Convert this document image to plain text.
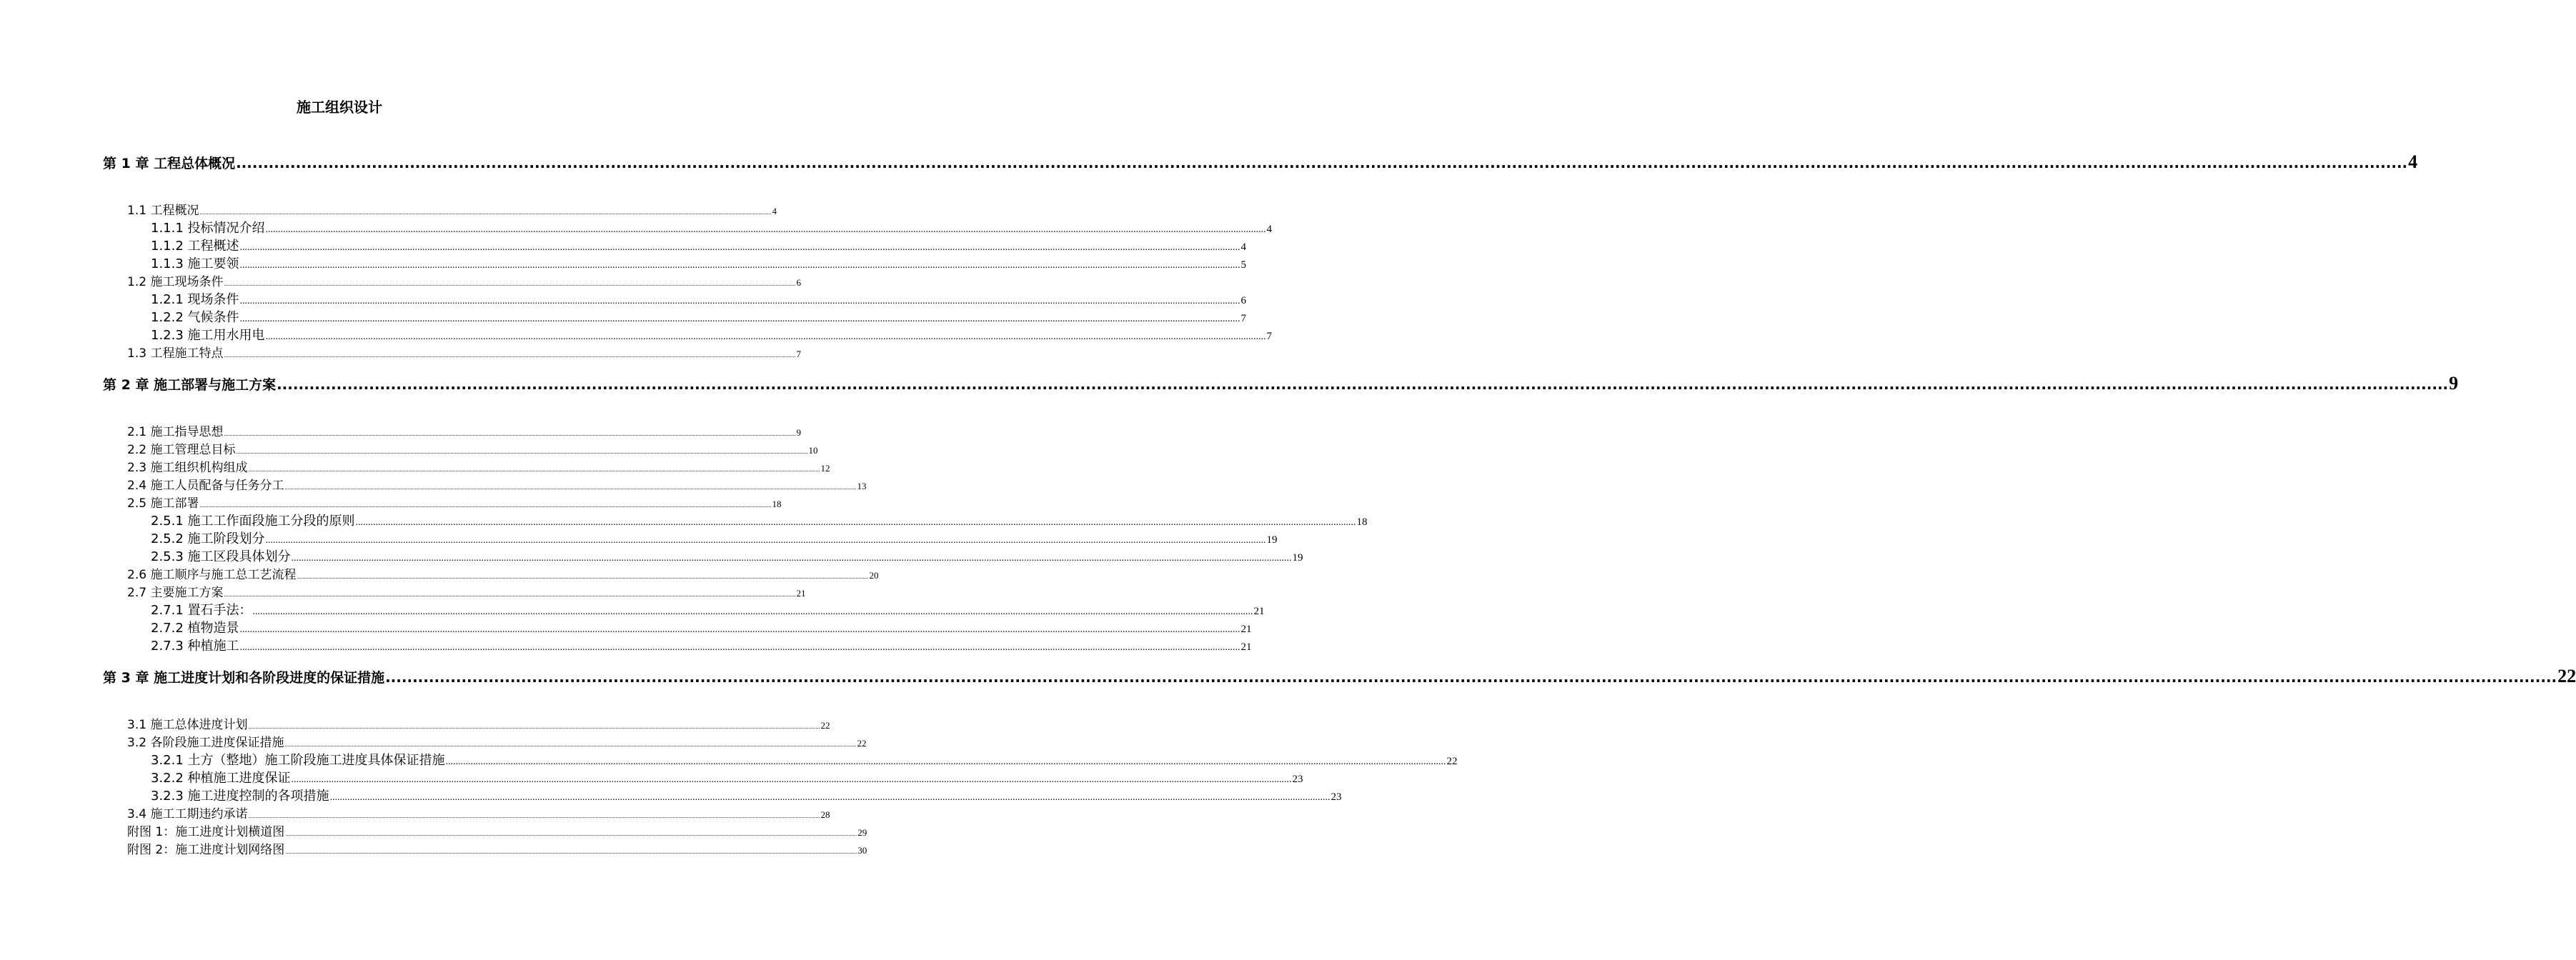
施工组织设计
第 1 章 工程总体概况 ................................................................................................................................................................................................................................................................................................................................................................................................................ 4
1.1 工程概况 ................................................................................................................................................................................................................................................................................................................................................................................................................ 4
1.1.1 投标情况介绍 ................................................................................................................................................................................................................................................................................................................................................................................................................ 4
1.1.2 工程概述 ................................................................................................................................................................................................................................................................................................................................................................................................................ 4
1.1.3 施工要领 ................................................................................................................................................................................................................................................................................................................................................................................................................ 5
1.2 施工现场条件 ................................................................................................................................................................................................................................................................................................................................................................................................................ 6
1.2.1 现场条件 ................................................................................................................................................................................................................................................................................................................................................................................................................ 6
1.2.2 气候条件 ................................................................................................................................................................................................................................................................................................................................................................................................................ 7
1.2.3 施工用水用电 ................................................................................................................................................................................................................................................................................................................................................................................................................ 7
1.3 工程施工特点 ................................................................................................................................................................................................................................................................................................................................................................................................................ 7
第 2 章 施工部署与施工方案 ................................................................................................................................................................................................................................................................................................................................................................................................................ 9
2.1 施工指导思想 ................................................................................................................................................................................................................................................................................................................................................................................................................ 9
2.2 施工管理总目标 ................................................................................................................................................................................................................................................................................................................................................................................................................ 10
2.3 施工组织机构组成 ................................................................................................................................................................................................................................................................................................................................................................................................................ 12
2.4 施工人员配备与任务分工 ................................................................................................................................................................................................................................................................................................................................................................................................................ 13
2.5 施工部署 ................................................................................................................................................................................................................................................................................................................................................................................................................ 18
2.5.1 施工工作面段施工分段的原则 ................................................................................................................................................................................................................................................................................................................................................................................................................ 18
2.5.2 施工阶段划分 ................................................................................................................................................................................................................................................................................................................................................................................................................ 19
2.5.3 施工区段具体划分 ................................................................................................................................................................................................................................................................................................................................................................................................................ 19
2.6 施工顺序与施工总工艺流程 ................................................................................................................................................................................................................................................................................................................................................................................................................ 20
2.7 主要施工方案 ................................................................................................................................................................................................................................................................................................................................................................................................................ 21
2.7.1 置石手法： ................................................................................................................................................................................................................................................................................................................................................................................................................ 21
2.7.2 植物造景 ................................................................................................................................................................................................................................................................................................................................................................................................................ 21
2.7.3 种植施工 ................................................................................................................................................................................................................................................................................................................................................................................................................ 21
第 3 章 施工进度计划和各阶段进度的保证措施 ................................................................................................................................................................................................................................................................................................................................................................................................................ 22
3.1 施工总体进度计划 ................................................................................................................................................................................................................................................................................................................................................................................................................ 22
3.2 各阶段施工进度保证措施 ................................................................................................................................................................................................................................................................................................................................................................................................................ 22
3.2.1 土方（整地）施工阶段施工进度具体保证措施 ................................................................................................................................................................................................................................................................................................................................................................................................................ 22
3.2.2 种植施工进度保证 ................................................................................................................................................................................................................................................................................................................................................................................................................ 23
3.2.3 施工进度控制的各项措施 ................................................................................................................................................................................................................................................................................................................................................................................................................ 23
3.4 施工工期违约承诺 ................................................................................................................................................................................................................................................................................................................................................................................................................ 28
附图 1：施工进度计划横道图 ................................................................................................................................................................................................................................................................................................................................................................................................................ 29
附图 2：施工进度计划网络图 ................................................................................................................................................................................................................................................................................................................................................................................................................ 30
